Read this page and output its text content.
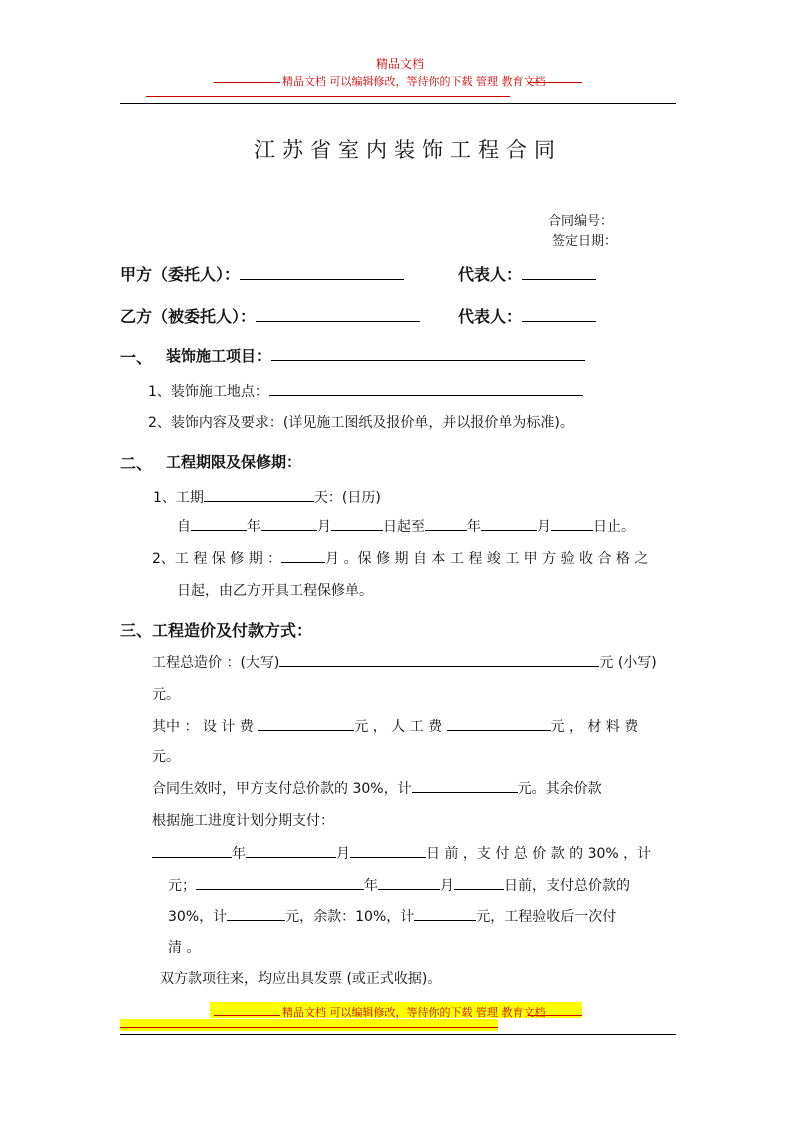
精品文档
精品文档 可以编辑修改，等待你的下载 管理 教育文档
江苏省室内装饰工程合同
合同编号：
签定日期：
甲方（委托人）：	代表人：
乙方（被委托人）：	代表人：
一、 装饰施工项目：
1、装饰施工地点：
2、装饰内容及要求：(详见施工图纸及报价单，并以报价单为标准)。
二、 工程期限及保修期：
1、工期	天：(日历)
自	年	月	日起至	年	月	日止。
2、工 程 保 修 期 ：	月 。保 修 期 自 本 工 程 竣 工 甲 方 验 收 合 格 之
日起，由乙方开具工程保修单。
三、工程造价及付款方式：
工程总造价 ：(大写)	元 (小写)
元。
其中 ： 设 计 费	元 ， 人 工 费	元 ， 材 料 费
元。
合同生效时，甲方支付总价款的 30%，计	元。其余价款
根据施工进度计划分期支付：
年	月	日 前 ，支 付 总 价 款 的 30% ，计
元；	年	月	日前，支付总价款的
30%，计	元，余款：10%，计	元，工程验收后一次付
清 。
双方款项往来，均应出具发票 (或正式收据)。
精品文档 可以编辑修改，等待你的下载 管理 教育文档
